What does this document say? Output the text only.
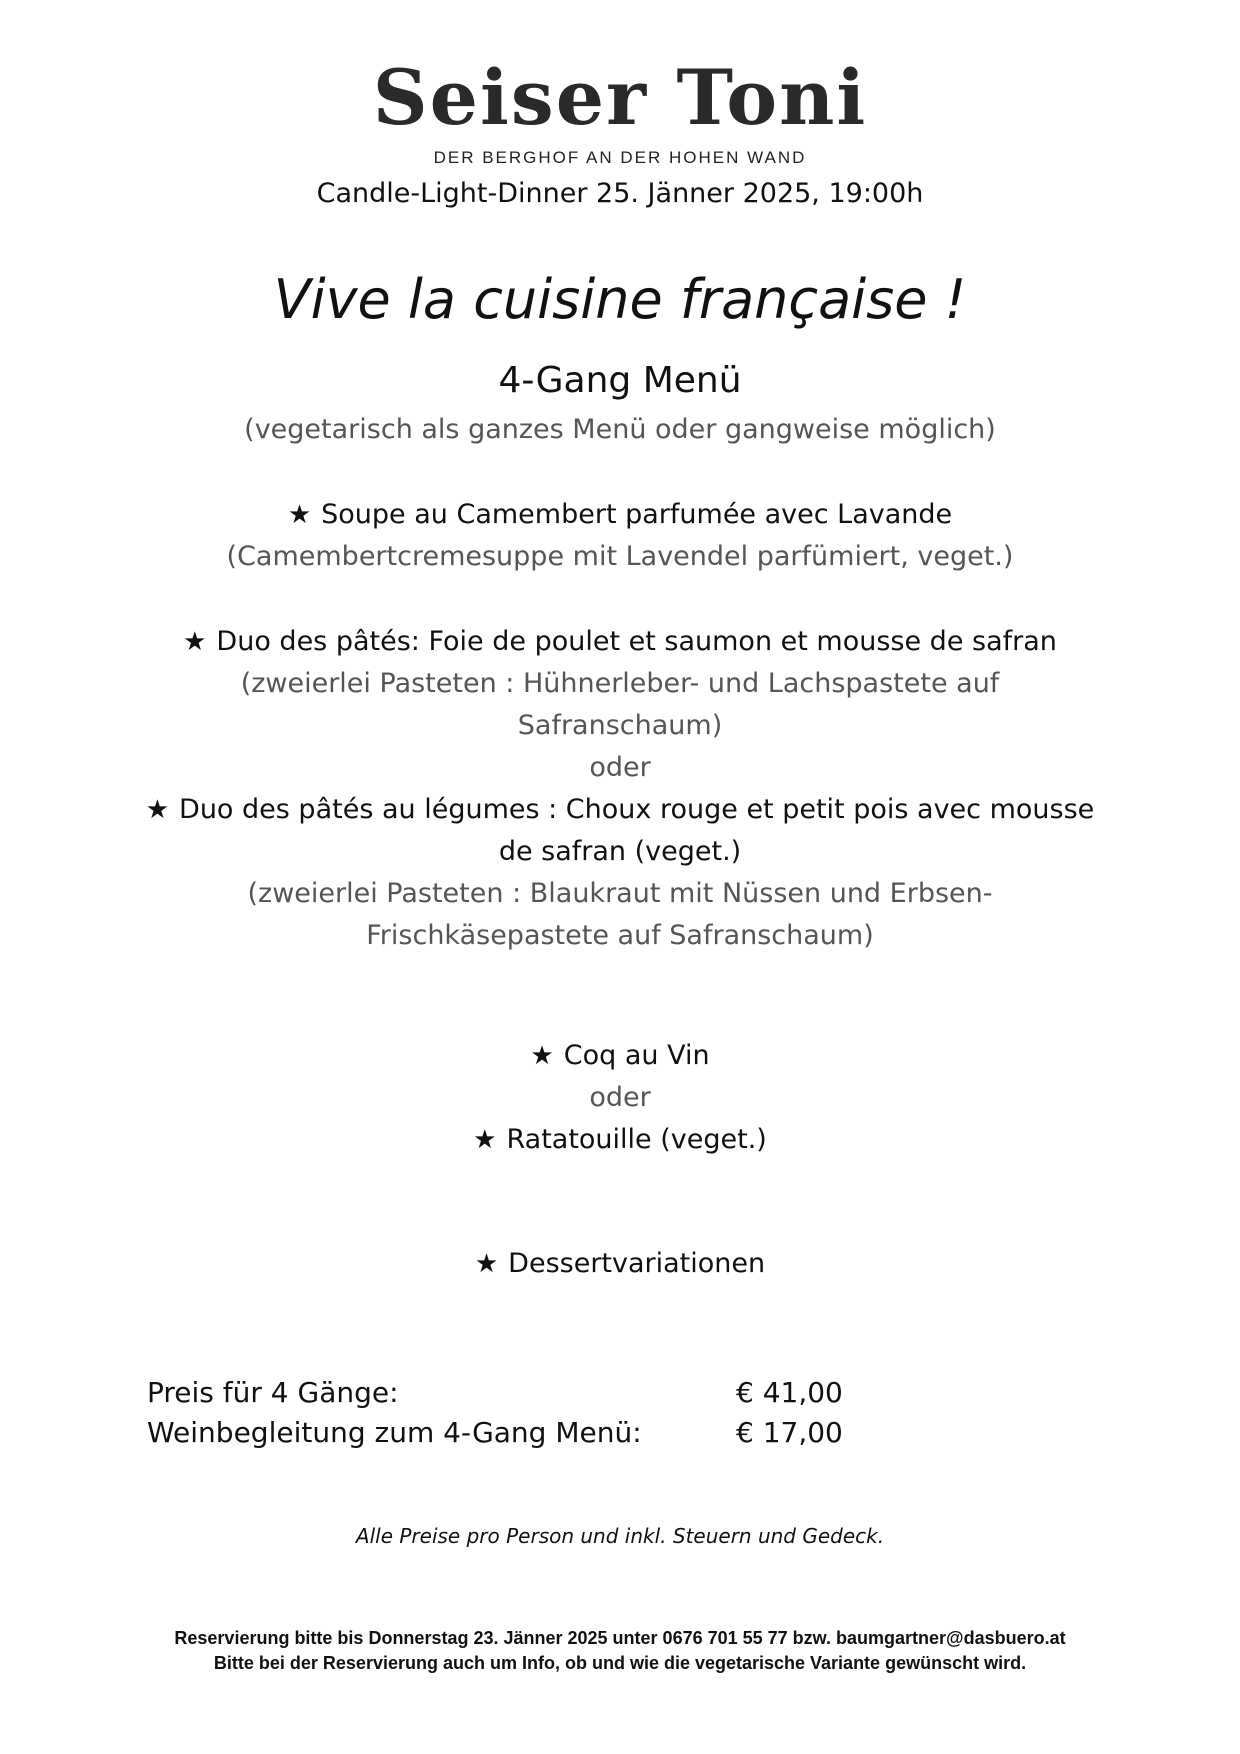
Seiser Toni
DER BERGHOF AN DER HOHEN WAND
Candle-Light-Dinner 25. Jänner 2025, 19:00h
Vive la cuisine française !
4-Gang Menü
(vegetarisch als ganzes Menü oder gangweise möglich)
★ Soupe au Camembert parfumée avec Lavande
(Camembertcremesuppe mit Lavendel parfümiert, veget.)
★ Duo des pâtés: Foie de poulet et saumon et mousse de safran
(zweierlei Pasteten : Hühnerleber- und Lachspastete auf
Safranschaum)
oder
★ Duo des pâtés au légumes : Choux rouge et petit pois avec mousse
de safran (veget.)
(zweierlei Pasteten : Blaukraut mit Nüssen und Erbsen-
Frischkäsepastete auf Safranschaum)
★ Coq au Vin
oder
★ Ratatouille (veget.)
★ Dessertvariationen
Preis für 4 Gänge:	€ 41,00
Weinbegleitung zum 4-Gang Menü:	€ 17,00
Alle Preise pro Person und inkl. Steuern und Gedeck.
Reservierung bitte bis Donnerstag 23. Jänner 2025 unter 0676 701 55 77 bzw. baumgartner@dasbuero.at
Bitte bei der Reservierung auch um Info, ob und wie die vegetarische Variante gewünscht wird.
